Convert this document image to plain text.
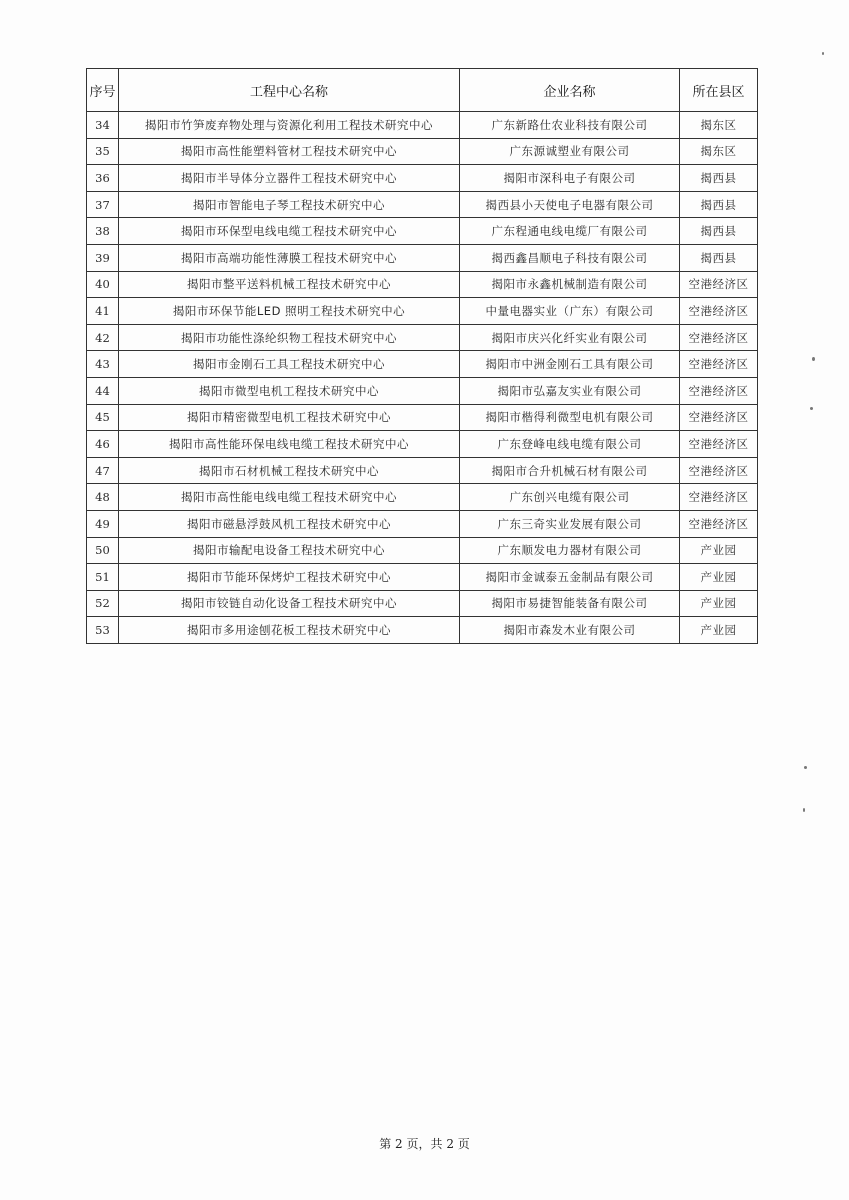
序号	工程中心名称	企业名称	所在县区
34	揭阳市竹笋废弃物处理与资源化利用工程技术研究中心	广东新路仕农业科技有限公司	揭东区
35	揭阳市高性能塑料管材工程技术研究中心	广东源诚塑业有限公司	揭东区
36	揭阳市半导体分立器件工程技术研究中心	揭阳市深科电子有限公司	揭西县
37	揭阳市智能电子琴工程技术研究中心	揭西县小天使电子电器有限公司	揭西县
38	揭阳市环保型电线电缆工程技术研究中心	广东程通电线电缆厂有限公司	揭西县
39	揭阳市高端功能性薄膜工程技术研究中心	揭西鑫昌顺电子科技有限公司	揭西县
40	揭阳市整平送料机械工程技术研究中心	揭阳市永鑫机械制造有限公司	空港经济区
41	揭阳市环保节能LED 照明工程技术研究中心	中量电器实业（广东）有限公司	空港经济区
42	揭阳市功能性涤纶织物工程技术研究中心	揭阳市庆兴化纤实业有限公司	空港经济区
43	揭阳市金刚石工具工程技术研究中心	揭阳市中洲金刚石工具有限公司	空港经济区
44	揭阳市微型电机工程技术研究中心	揭阳市弘嘉友实业有限公司	空港经济区
45	揭阳市精密微型电机工程技术研究中心	揭阳市楷得利微型电机有限公司	空港经济区
46	揭阳市高性能环保电线电缆工程技术研究中心	广东登峰电线电缆有限公司	空港经济区
47	揭阳市石材机械工程技术研究中心	揭阳市合升机械石材有限公司	空港经济区
48	揭阳市高性能电线电缆工程技术研究中心	广东创兴电缆有限公司	空港经济区
49	揭阳市磁悬浮鼓风机工程技术研究中心	广东三奇实业发展有限公司	空港经济区
50	揭阳市输配电设备工程技术研究中心	广东顺发电力器材有限公司	产业园
51	揭阳市节能环保烤炉工程技术研究中心	揭阳市金诚泰五金制品有限公司	产业园
52	揭阳市铰链自动化设备工程技术研究中心	揭阳市易捷智能装备有限公司	产业园
53	揭阳市多用途刨花板工程技术研究中心	揭阳市森发木业有限公司	产业园
第 2 页，共 2 页
